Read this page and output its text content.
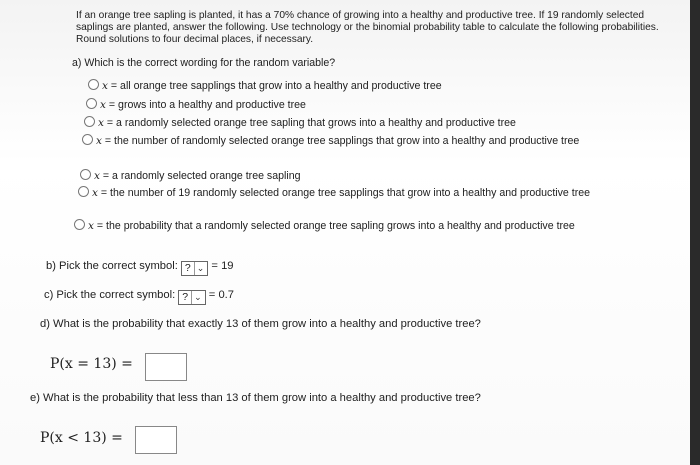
If an orange tree sapling is planted, it has a 70% chance of growing into a healthy and productive tree. If 19 randomly selected saplings are planted, answer the following. Use technology or the binomial probability table to calculate the following probabilities. Round solutions to four decimal places, if necessary.
a) Which is the correct wording for the random variable?
x = all orange tree sapplings that grow into a healthy and productive tree
x = grows into a healthy and productive tree
x = a randomly selected orange tree sapling that grows into a healthy and productive tree
x = the number of randomly selected orange tree sapplings that grow into a healthy and productive tree
x = a randomly selected orange tree sapling
x = the number of 19 randomly selected orange tree sapplings that grow into a healthy and productive tree
x = the probability that a randomly selected orange tree sapling grows into a healthy and productive tree
b) Pick the correct symbol: ? ⌄ = 19
c) Pick the correct symbol: ? ⌄ = 0.7
d) What is the probability that exactly 13 of them grow into a healthy and productive tree?
P(x = 13) =
e) What is the probability that less than 13 of them grow into a healthy and productive tree?
P(x < 13) =
